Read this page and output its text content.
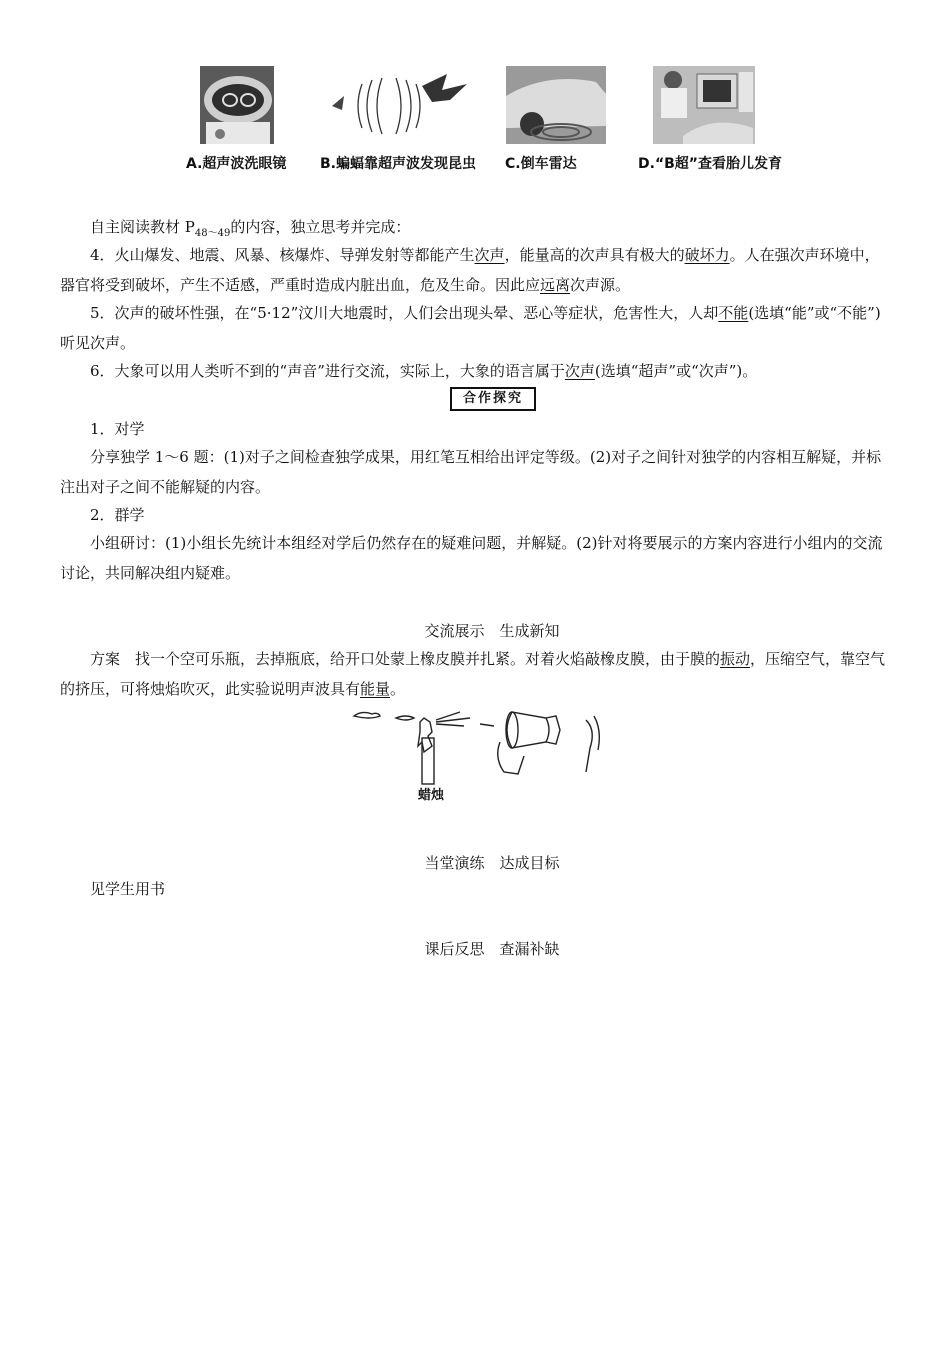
A.超声波洗眼镜 B.蝙蝠靠超声波发现昆虫 C.倒车雷达	D.“B超”查看胎儿发育
自主阅读教材 $P_{48\sim 49}$的内容，独立思考并完成：
4．火山爆发、地震、风暴、核爆炸、导弹发射等都能产生次声，能量高的次声具有极大的破坏力。人在强次声环境中，器官将受到破坏，产生不适感，严重时造成内脏出血，危及生命。因此应远离次声源。
5．次声的破坏性强，在“5·12”汶川大地震时，人们会出现头晕、恶心等症状，危害性大，人却不能(选填“能”或“不能”)听见次声。
6．大象可以用人类听不到的“声音”进行交流，实际上，大象的语言属于次声(选填“超声”或“次声”)。
合作探究
1．对学
分享独学 1～6 题：(1)对子之间检查独学成果，用红笔互相给出评定等级。(2)对子之间针对独学的内容相互解疑，并标注出对子之间不能解疑的内容。
2．群学
小组研讨：(1)小组长先统计本组经对学后仍然存在的疑难问题，并解疑。(2)针对将要展示的方案内容进行小组内的交流讨论，共同解决组内疑难。
交流展示　生成新知
方案　找一个空可乐瓶，去掉瓶底，给开口处蒙上橡皮膜并扎紧。对着火焰敲橡皮膜，由于膜的振动，压缩空气，靠空气的挤压，可将烛焰吹灭，此实验说明声波具有能量。
蜡烛
当堂演练　达成目标
见学生用书
课后反思　查漏补缺
